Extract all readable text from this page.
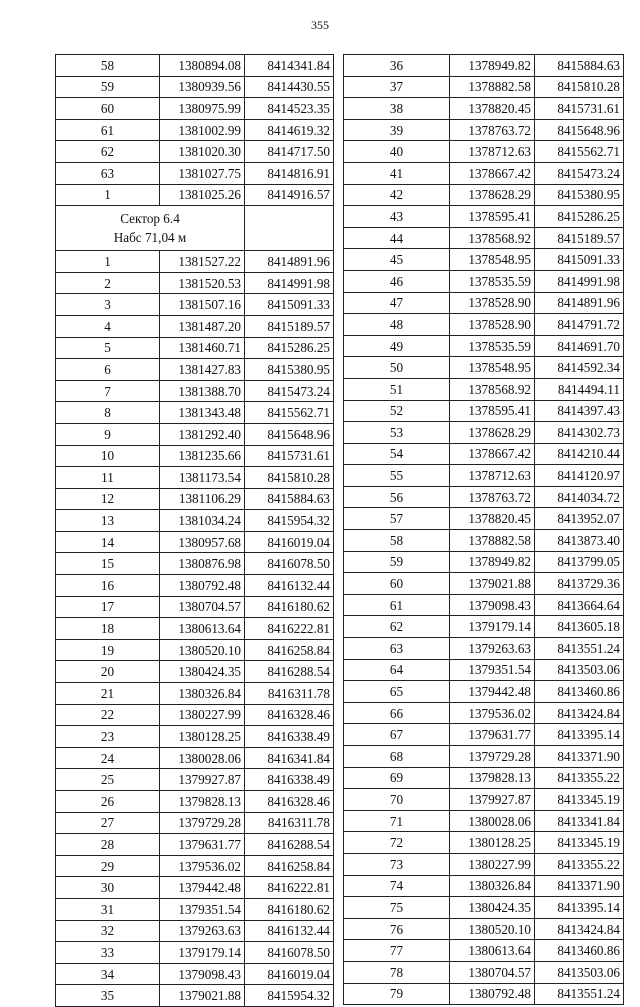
355
58	1380894.08	8414341.84
59	1380939.56	8414430.55
60	1380975.99	8414523.35
61	1381002.99	8414619.32
62	1381020.30	8414717.50
63	1381027.75	8414816.91
1	1381025.26	8414916.57

Сектор 6.4
Набс 71,04 м		

1	1381527.22	8414891.96
2	1381520.53	8414991.98
3	1381507.16	8415091.33
4	1381487.20	8415189.57
5	1381460.71	8415286.25
6	1381427.83	8415380.95
7	1381388.70	8415473.24
8	1381343.48	8415562.71
9	1381292.40	8415648.96
10	1381235.66	8415731.61
11	1381173.54	8415810.28
12	1381106.29	8415884.63
13	1381034.24	8415954.32
14	1380957.68	8416019.04
15	1380876.98	8416078.50
16	1380792.48	8416132.44
17	1380704.57	8416180.62
18	1380613.64	8416222.81
19	1380520.10	8416258.84
20	1380424.35	8416288.54
21	1380326.84	8416311.78
22	1380227.99	8416328.46
23	1380128.25	8416338.49
24	1380028.06	8416341.84
25	1379927.87	8416338.49
26	1379828.13	8416328.46
27	1379729.28	8416311.78
28	1379631.77	8416288.54
29	1379536.02	8416258.84
30	1379442.48	8416222.81
31	1379351.54	8416180.62
32	1379263.63	8416132.44
33	1379179.14	8416078.50
34	1379098.43	8416019.04
35	1379021.88	8415954.32
36	1378949.82	8415884.63
37	1378882.58	8415810.28
38	1378820.45	8415731.61
39	1378763.72	8415648.96
40	1378712.63	8415562.71
41	1378667.42	8415473.24
42	1378628.29	8415380.95
43	1378595.41	8415286.25
44	1378568.92	8415189.57
45	1378548.95	8415091.33
46	1378535.59	8414991.98
47	1378528.90	8414891.96
48	1378528.90	8414791.72
49	1378535.59	8414691.70
50	1378548.95	8414592.34
51	1378568.92	8414494.11
52	1378595.41	8414397.43
53	1378628.29	8414302.73
54	1378667.42	8414210.44
55	1378712.63	8414120.97
56	1378763.72	8414034.72
57	1378820.45	8413952.07
58	1378882.58	8413873.40
59	1378949.82	8413799.05
60	1379021.88	8413729.36
61	1379098.43	8413664.64
62	1379179.14	8413605.18
63	1379263.63	8413551.24
64	1379351.54	8413503.06
65	1379442.48	8413460.86
66	1379536.02	8413424.84
67	1379631.77	8413395.14
68	1379729.28	8413371.90
69	1379828.13	8413355.22
70	1379927.87	8413345.19
71	1380028.06	8413341.84
72	1380128.25	8413345.19
73	1380227.99	8413355.22
74	1380326.84	8413371.90
75	1380424.35	8413395.14
76	1380520.10	8413424.84
77	1380613.64	8413460.86
78	1380704.57	8413503.06
79	1380792.48	8413551.24
